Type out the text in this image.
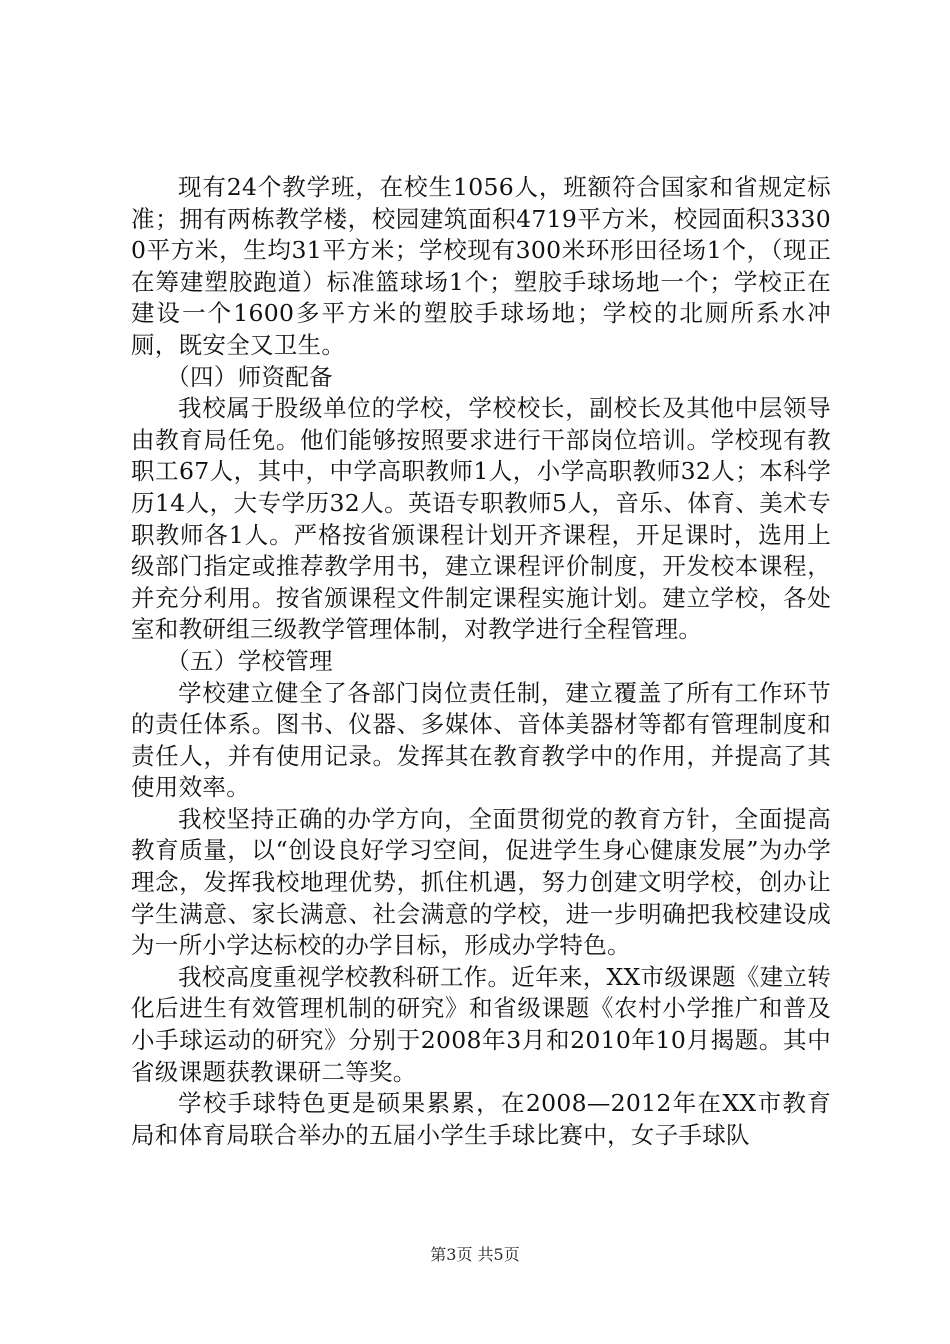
现有24个教学班，在校生1056人，班额符合国家和省规定标准；拥有两栋教学楼，校园建筑面积4719平方米，校园面积33300平方米，生均31平方米；学校现有300米环形田径场1个，（现正在筹建塑胶跑道）标准篮球场1个；塑胶手球场地一个；学校正在建设一个1600多平方米的塑胶手球场地；学校的北厕所系水冲厕，既安全又卫生。

（四）师资配备

我校属于股级单位的学校，学校校长，副校长及其他中层领导由教育局任免。他们能够按照要求进行干部岗位培训。学校现有教职工67人，其中，中学高职教师1人，小学高职教师32人；本科学历14人，大专学历32人。英语专职教师5人，音乐、体育、美术专职教师各1人。严格按省颁课程计划开齐课程，开足课时，选用上级部门指定或推荐教学用书，建立课程评价制度，开发校本课程，并充分利用。按省颁课程文件制定课程实施计划。建立学校，各处室和教研组三级教学管理体制，对教学进行全程管理。

（五）学校管理

学校建立健全了各部门岗位责任制，建立覆盖了所有工作环节的责任体系。图书、仪器、多媒体、音体美器材等都有管理制度和责任人，并有使用记录。发挥其在教育教学中的作用，并提高了其使用效率。

我校坚持正确的办学方向，全面贯彻党的教育方针，全面提高教育质量，以“创设良好学习空间，促进学生身心健康发展”为办学理念，发挥我校地理优势，抓住机遇，努力创建文明学校，创办让学生满意、家长满意、社会满意的学校，进一步明确把我校建设成为一所小学达标校的办学目标，形成办学特色。

我校高度重视学校教科研工作。近年来，XX市级课题《建立转化后进生有效管理机制的研究》和省级课题《农村小学推广和普及小手球运动的研究》分别于2008年3月和2010年10月揭题。其中省级课题获教课研二等奖。

学校手球特色更是硕果累累，在2008—2012年在XX市教育局和体育局联合举办的五届小学生手球比赛中，女子手球队

第3页 共5页
